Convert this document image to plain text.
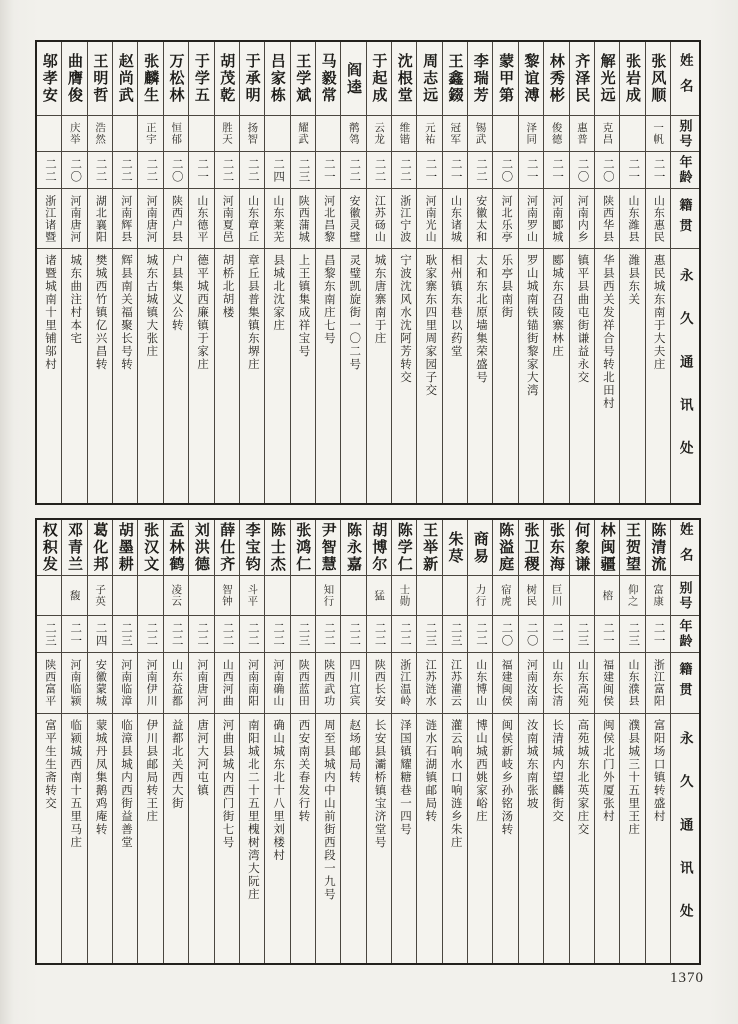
姓名
别号
年龄
籍贯
永久通讯处
张风顺
一帆
二一
山东惠民
惠民城东南于大夫庄
张岩成
二一
山东潍县
潍县东关
解光远
克昌
二〇
陕西华县
华县西关发祥合号转北田村
齐泽民
惠普
二〇
河南内乡
镇平县曲屯街谦益永交
林秀彬
俊德
二一
河南郾城
郾城东召陵寨林庄
黎谊溥
泽同
二一
河南罗山
罗山城南铁锚街黎家大湾
蒙甲第
二〇
河北乐亭
乐亭县南街
李瑞芳
锡武
二二
安徽太和
太和东北原墙集荣盛号
王鑫錣
冠军
二一
山东诸城
相州镇东巷以药堂
周志远
元祐
二一
河南光山
耿家寨东四里周家园子交
沈根堂
维锴
二二
浙江宁波
宁波沈风水沈阿芳转交
于起成
云龙
二二
江苏砀山
城东唐寨南于庄
阎逵
鹡鸰
二二
安徽灵璧
灵璧凯旋街一〇二号
马毅常
二一
河北昌黎
昌黎东南庄七号
王学斌
耀武
二三
陕西蒲城
上王镇集成祥宝号
吕家栋
二四
山东莱芜
县城北沈家庄
于承明
扬智
二二
山东章丘
章丘县普集镇东堺庄
胡茂乾
胜天
二二
河南夏邑
胡桥北胡楼
于学五
二一
山东德平
德平城西廉镇于家庄
万松林
恒郁
二〇
陕西户县
户县集义公转
张麟生
正宇
二二
河南唐河
城东古城镇大张庄
赵尚武
二二
河南辉县
辉县南关福聚长号转
王明哲
浩然
二二
湖北襄阳
樊城西竹镇亿兴昌转
曲膺俊
庆举
二〇
河南唐河
城东曲注村本宅
邬孝安
二二
浙江诸暨
诸暨城南十里铺邬村
姓名
别号
年龄
籍贯
永久通讯处
陈清流
富康
二一
浙江富阳
富阳场口镇转盛村
王贺望
仰之
二三
山东濮县
濮县城三十五里王庄
林闽疆
榕
二一
福建闽侯
闽侯北门外厦张村
何象谦
二三
山东高苑
高苑城东北英家庄交
张东海
巨川
二一
山东长清
长清城内望麟街交
张卫稷
树民
二〇
河南汝南
汝南城东南张坡
陈溢庭
宿虎
二〇
福建闽侯
闽侯新岐乡孙铭汤转
商易
力行
二二
山东博山
博山城西姚家峪庄
朱荩
二三
江苏灌云
灌云响水口响涟乡朱庄
王举新
二三
江苏涟水
涟水石湖镇邮局转
陈学仁
士勋
二二
浙江温岭
泽国镇耀糖巷一四号
胡博尔
猛
二二
陕西长安
长安县灞桥镇宝济堂号
陈永嘉
二二
四川宜宾
赵场邮局转
尹智慧
知行
二二
陕西武功
周至县城内中山前街西段一九号
张鸿仁
二三
陕西蓝田
西安南关春发行转
陈士杰
二二
河南确山
确山城东北十八里刘楼村
李宝钧
斗平
二二
河南南阳
南阳城北二十五里槐树湾大阮庄
薛仕齐
智钟
二二
山西河曲
河曲县城内西门街七号
刘洪德
二二
河南唐河
唐河大河屯镇
孟林鹤
凌云
二二
山东益都
益都北关西大街
张汉文
二二
河南伊川
伊川县邮局转王庄
胡墨耕
二三
河南临漳
临漳县城内西街益善堂
葛化邦
子英
二四
安徽蒙城
蒙城丹凤集鹅鸡庵转
邓青兰
馥
二一
河南临颍
临颍城西南十五里马庄
权积发
二三
陕西富平
富平生生斋转交
1370
